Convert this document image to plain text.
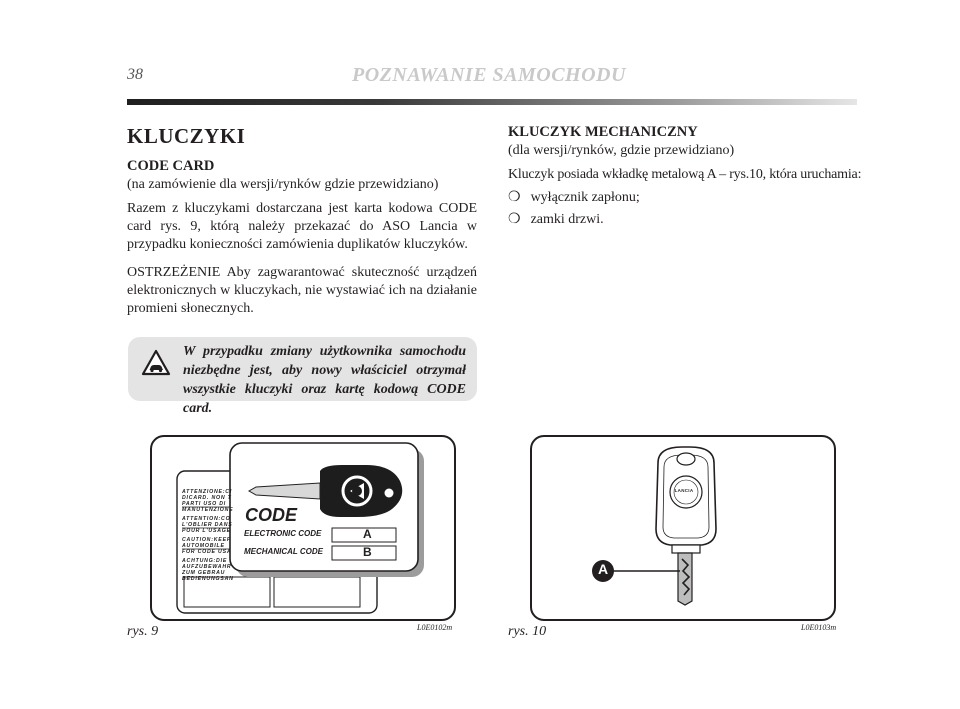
38	POZNAWANIE SAMOCHODU
KLUCZYKI
CODE CARD
(na zamówienie dla wersji/rynków gdzie przewidziano)
Razem z kluczykami dostarczana jest karta kodowa CODE card rys. 9, którą należy przekazać do ASO Lancia w przypadku konieczności zamówienia duplikatów kluczyków.
OSTRZEŻENIE Aby zagwarantować skuteczność urządzeń elektronicznych w kluczykach, nie wystawiać ich na działanie promieni słonecznych.
W przypadku zmiany użytkownika samochodu niezbędne jest, aby nowy właściciel otrzymał wszystkie kluczyki oraz kartę kodową CODE card.
KLUCZYK MECHANICZNY
(dla wersji/rynków, gdzie przewidziano)
Kluczyk posiada wkładkę metalową A – rys.10, która uruchamia:
❍ wyłącznik zapłonu;
❍ zamki drzwi.
ATTENZIONE:CI
DICARD. NON T
PARTI USO DI
MANUTENZIONE
ATTENTION:CO
L'OBLIER DANS
POUR L'USAGE
CAUTION:KEEP
AUTOMOBILE
FOR CODE USA
ACHTUNG:DIE
AUFZUBEWAHR
ZUM GEBRAU
BEDIENUNGSAN
CODE
ELECTRONIC CODE	A
MECHANICAL CODE	B
rys. 9	L0E0102m
LANCIA
A
rys. 10	L0E0103m
